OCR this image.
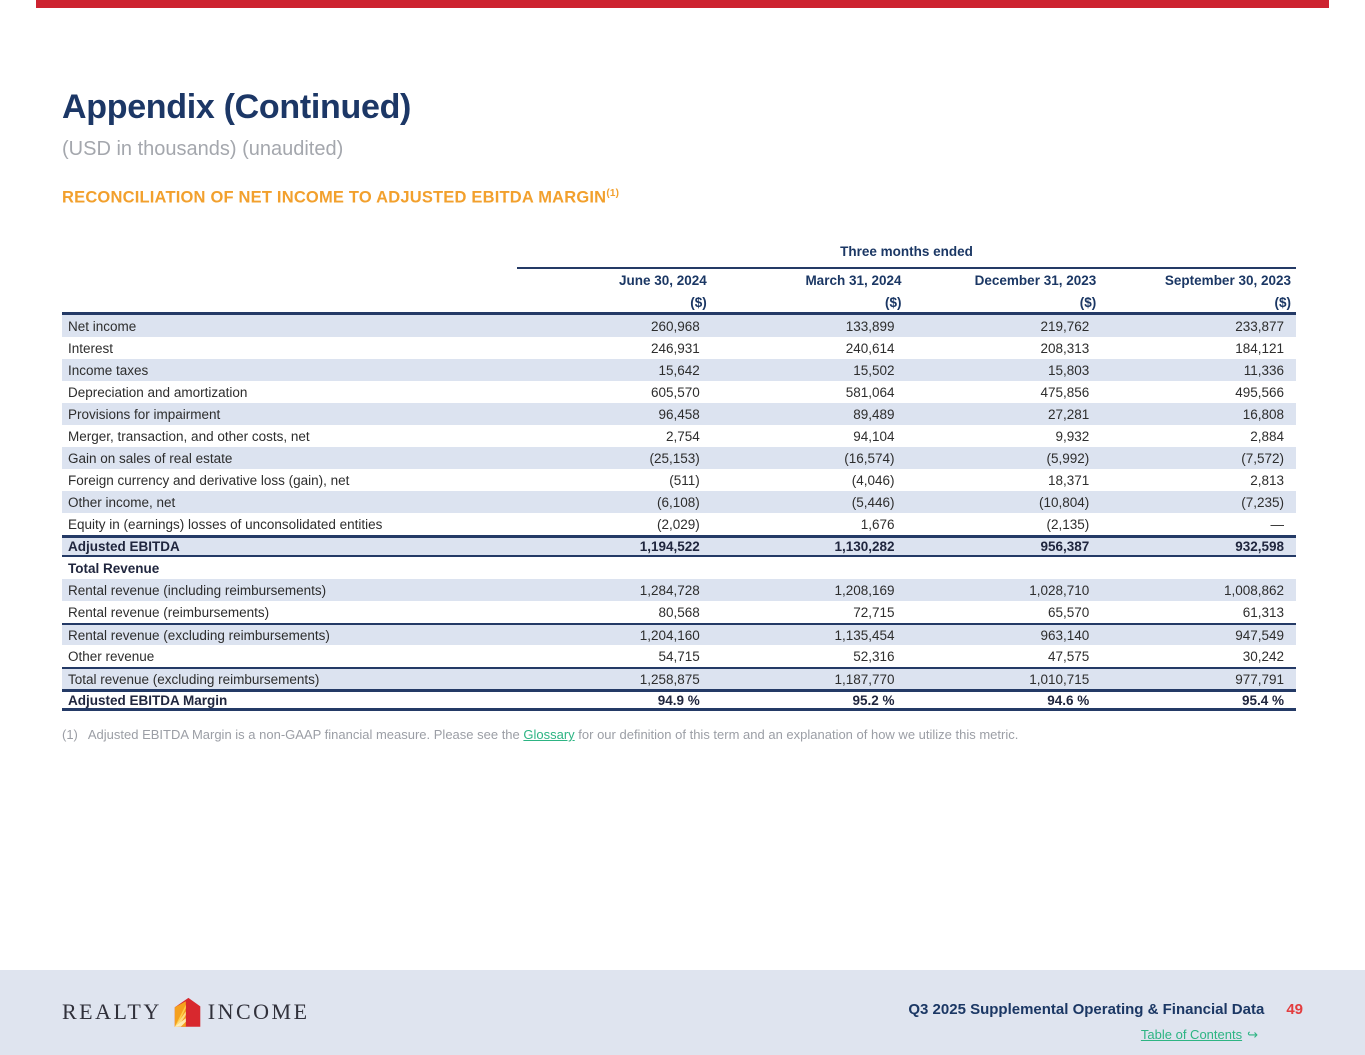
Appendix (Continued)
(USD in thousands) (unaudited)
RECONCILIATION OF NET INCOME TO ADJUSTED EBITDA MARGIN$^{(1)}$
Three months ended
June 30, 2024	March 31, 2024	December 31, 2023	September 30, 2023
($)	($)	($)	($)
Net income	260,968	133,899	219,762	233,877
Interest	246,931	240,614	208,313	184,121
Income taxes	15,642	15,502	15,803	11,336
Depreciation and amortization	605,570	581,064	475,856	495,566
Provisions for impairment	96,458	89,489	27,281	16,808
Merger, transaction, and other costs, net	2,754	94,104	9,932	2,884
Gain on sales of real estate	(25,153)	(16,574)	(5,992)	(7,572)
Foreign currency and derivative loss (gain), net	(511)	(4,046)	18,371	2,813
Other income, net	(6,108)	(5,446)	(10,804)	(7,235)
Equity in (earnings) losses of unconsolidated entities	(2,029)	1,676	(2,135)	—
Adjusted EBITDA	1,194,522	1,130,282	956,387	932,598
Total Revenue
Rental revenue (including reimbursements)	1,284,728	1,208,169	1,028,710	1,008,862
Rental revenue (reimbursements)	80,568	72,715	65,570	61,313
Rental revenue (excluding reimbursements)	1,204,160	1,135,454	963,140	947,549
Other revenue	54,715	52,316	47,575	30,242
Total revenue (excluding reimbursements)	1,258,875	1,187,770	1,010,715	977,791
Adjusted EBITDA Margin	94.9 %	95.2 %	94.6 %	95.4 %
(1) Adjusted EBITDA Margin is a non-GAAP financial measure. Please see the Glossary for our definition of this term and an explanation of how we utilize this metric.
REALTY INCOME	Q3 2025 Supplemental Operating & Financial Data 49
Table of Contents ↪
